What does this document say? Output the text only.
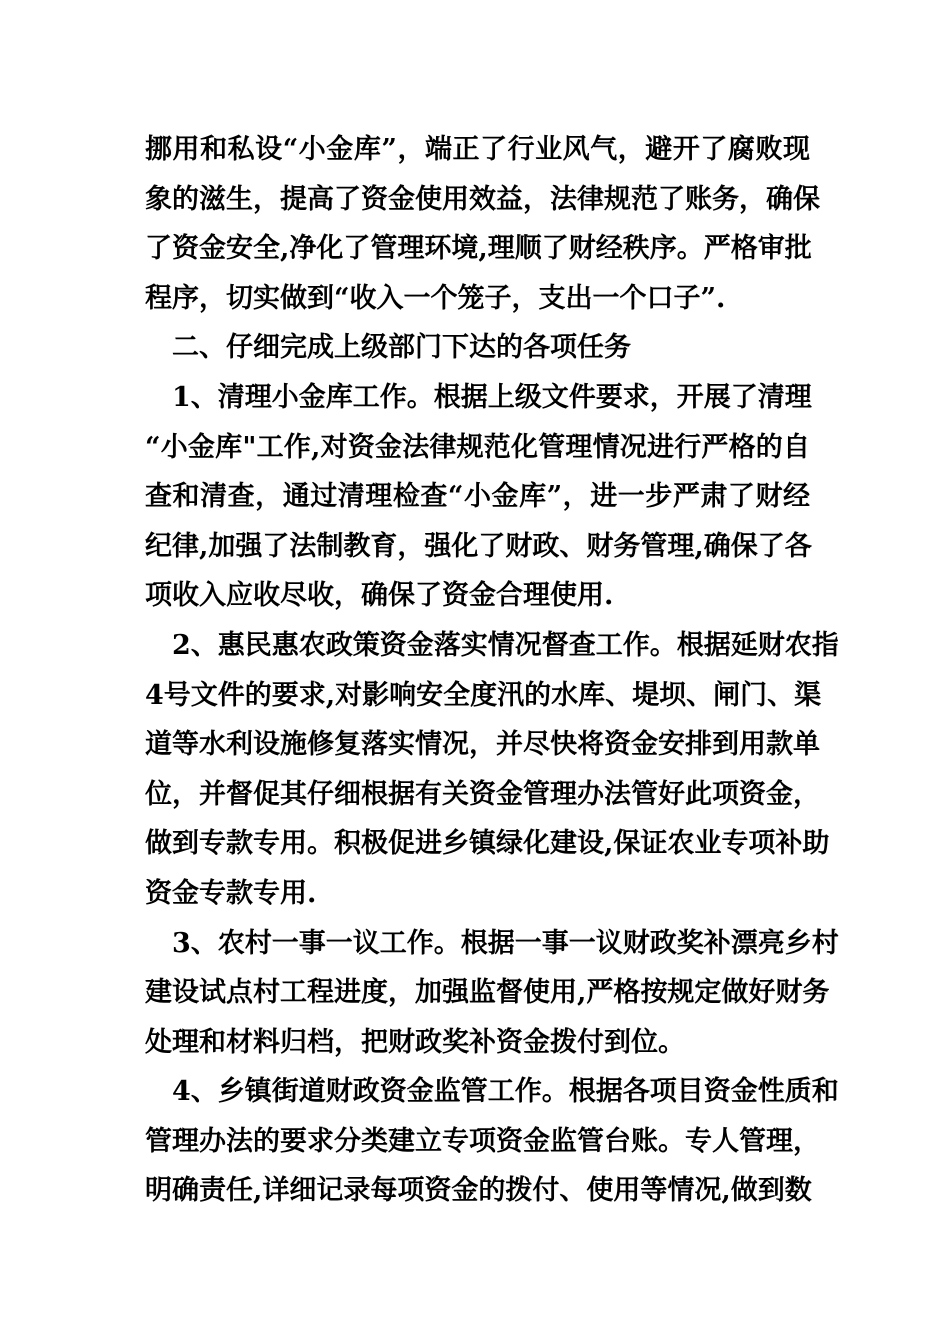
挪用和私设“小金库”，端正了行业风气，避开了腐败现
象的滋生，提高了资金使用效益，法律规范了账务，确保
了资金安全,净化了管理环境,理顺了财经秩序。严格审批
程序，切实做到“收入一个笼子，支出一个口子”.
二、仔细完成上级部门下达的各项任务
1、清理小金库工作。根据上级文件要求，开展了清理
“小金库"工作,对资金法律规范化管理情况进行严格的自
查和清查，通过清理检查“小金库”，进一步严肃了财经
纪律,加强了法制教育，强化了财政、财务管理,确保了各
项收入应收尽收，确保了资金合理使用.
2、惠民惠农政策资金落实情况督查工作。根据延财农指
4号文件的要求,对影响安全度汛的水库、堤坝、闸门、渠
道等水利设施修复落实情况，并尽快将资金安排到用款单
位，并督促其仔细根据有关资金管理办法管好此项资金，
做到专款专用。积极促进乡镇绿化建设,保证农业专项补助
资金专款专用.
3、农村一事一议工作。根据一事一议财政奖补漂亮乡村
建设试点村工程进度，加强监督使用,严格按规定做好财务
处理和材料归档，把财政奖补资金拨付到位。
4、乡镇街道财政资金监管工作。根据各项目资金性质和
管理办法的要求分类建立专项资金监管台账。专人管理，
明确责任,详细记录每项资金的拨付、使用等情况,做到数
